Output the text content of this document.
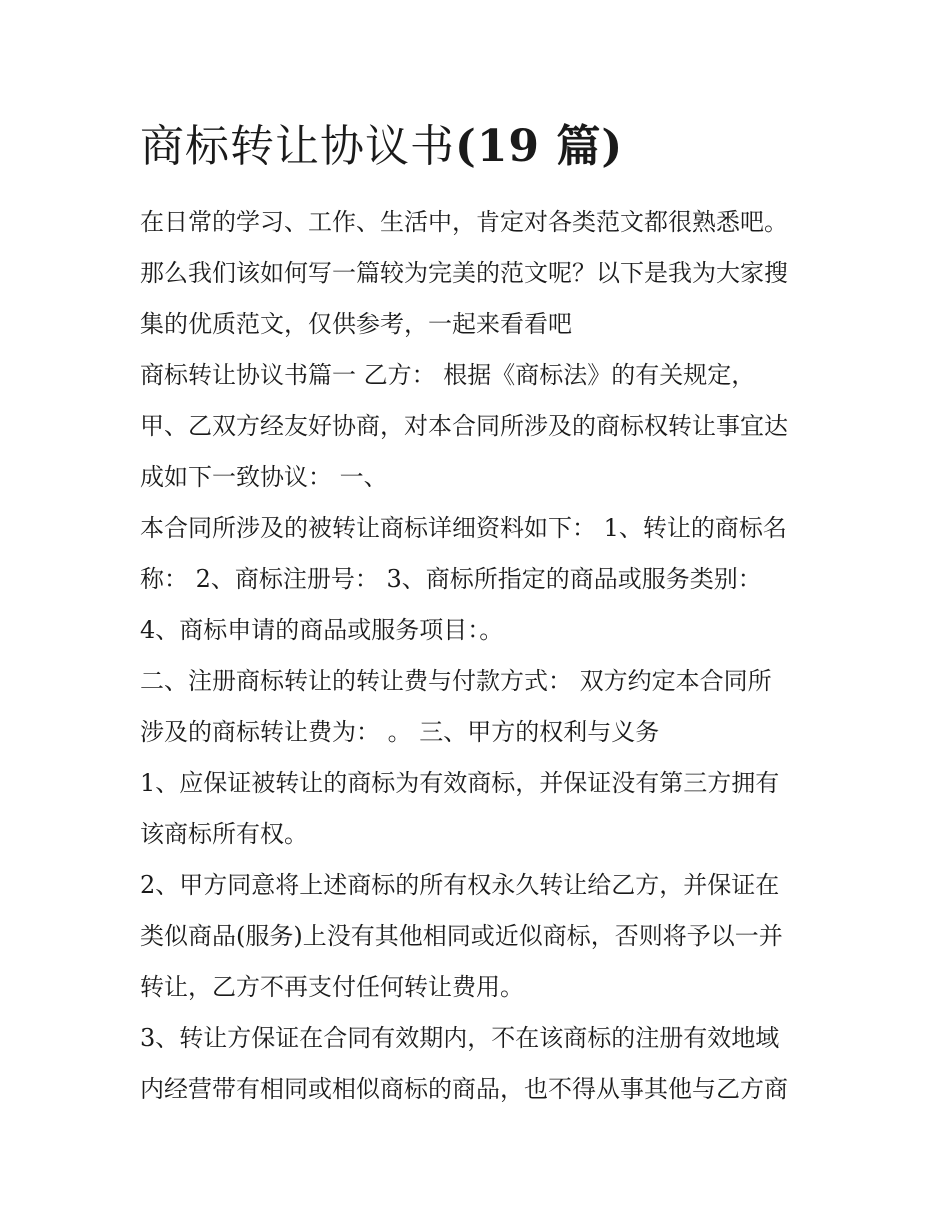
商标转让协议书(19 篇)
在日常的学习、工作、生活中，肯定对各类范文都很熟悉吧。
那么我们该如何写一篇较为完美的范文呢？以下是我为大家搜
集的优质范文，仅供参考，一起来看看吧
商标转让协议书篇一 乙方： 根据《商标法》的有关规定，
甲、乙双方经友好协商，对本合同所涉及的商标权转让事宜达
成如下一致协议： 一、
本合同所涉及的被转让商标详细资料如下： 1、转让的商标名
称： 2、商标注册号： 3、商标所指定的商品或服务类别：
4、商标申请的商品或服务项目：。
二、注册商标转让的转让费与付款方式： 双方约定本合同所
涉及的商标转让费为： 。 三、甲方的权利与义务
1、应保证被转让的商标为有效商标，并保证没有第三方拥有
该商标所有权。
2、甲方同意将上述商标的所有权永久转让给乙方，并保证在
类似商品(服务)上没有其他相同或近似商标，否则将予以一并
转让，乙方不再支付任何转让费用。
3、转让方保证在合同有效期内，不在该商标的注册有效地域
内经营带有相同或相似商标的商品，也不得从事其他与乙方商
